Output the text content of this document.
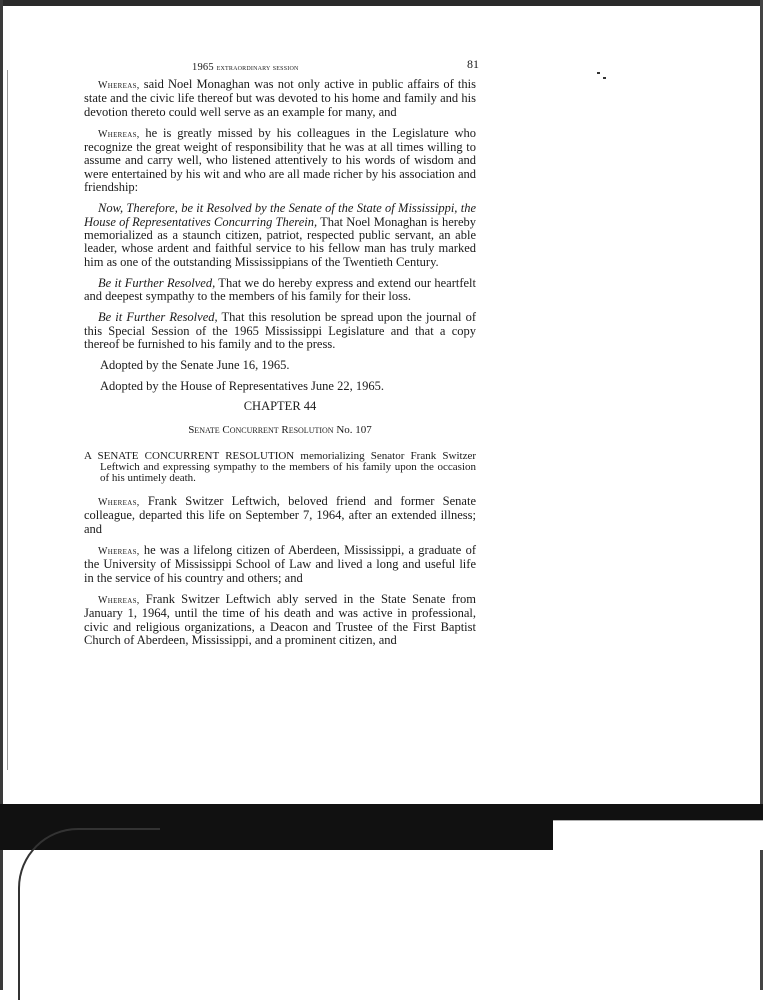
1965 extraordinary session	81

Whereas, said Noel Monaghan was not only active in public affairs of this state and the civic life thereof but was devoted to his home and family and his devotion thereto could well serve as an example for many, and

Whereas, he is greatly missed by his colleagues in the Legislature who recognize the great weight of responsibility that he was at all times willing to assume and carry well, who listened attentively to his words of wisdom and were entertained by his wit and who are all made richer by his association and friendship:

Now, Therefore, be it Resolved by the Senate of the State of Mississippi, the House of Representatives Concurring Therein, That Noel Monaghan is hereby memorialized as a staunch citizen, patriot, respected public servant, an able leader, whose ardent and faithful service to his fellow man has truly marked him as one of the outstanding Mississippians of the Twentieth Century.

Be it Further Resolved, That we do hereby express and extend our heartfelt and deepest sympathy to the members of his family for their loss.

Be it Further Resolved, That this resolution be spread upon the journal of this Special Session of the 1965 Mississippi Legislature and that a copy thereof be furnished to his family and to the press.

Adopted by the Senate June 16, 1965.

Adopted by the House of Representatives June 22, 1965.

CHAPTER 44
Senate Concurrent Resolution No. 107

A SENATE CONCURRENT RESOLUTION memorializing Senator Frank Switzer Leftwich and expressing sympathy to the members of his family upon the occasion of his untimely death.

Whereas, Frank Switzer Leftwich, beloved friend and former Senate colleague, departed this life on September 7, 1964, after an extended illness; and

Whereas, he was a lifelong citizen of Aberdeen, Mississippi, a graduate of the University of Mississippi School of Law and lived a long and useful life in the service of his country and others; and

Whereas, Frank Switzer Leftwich ably served in the State Senate from January 1, 1964, until the time of his death and was active in professional, civic and religious organizations, a Deacon and Trustee of the First Baptist Church of Aberdeen, Mississippi, and a prominent citizen, and
